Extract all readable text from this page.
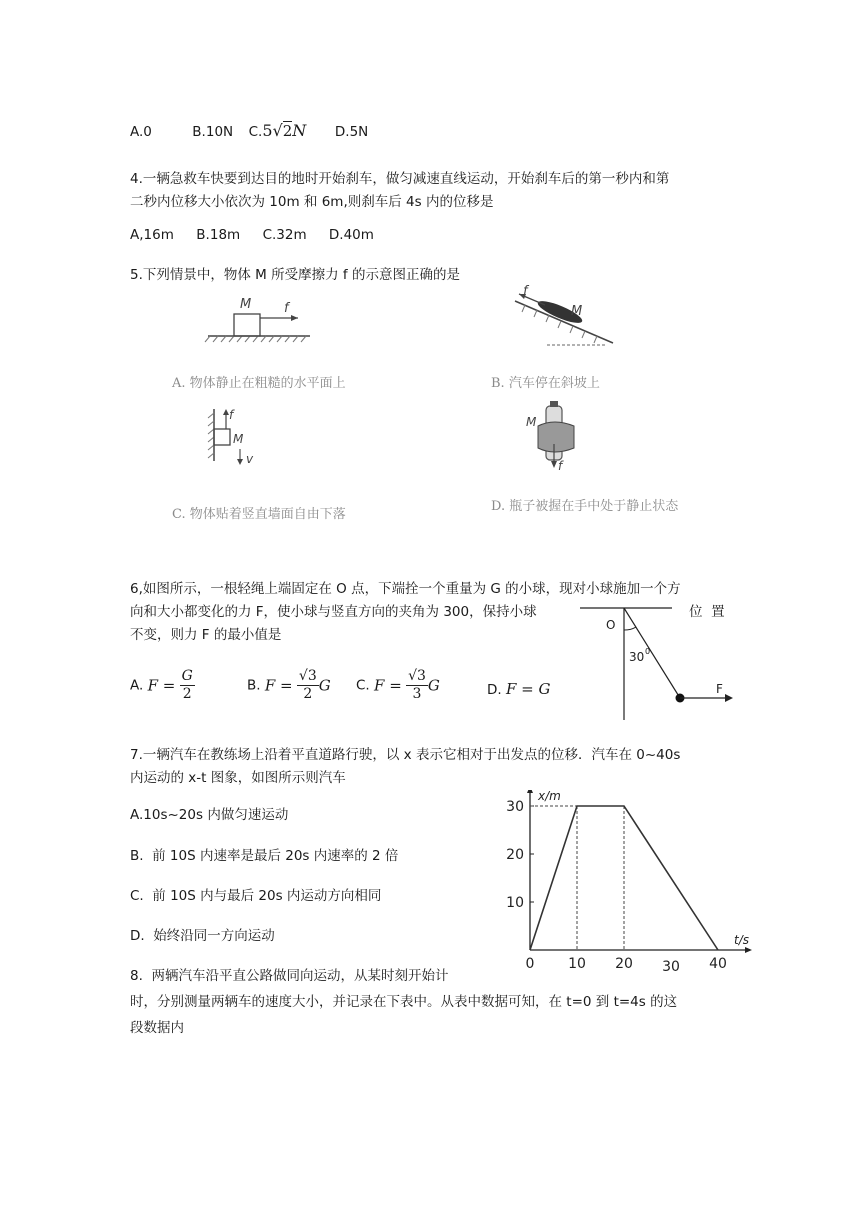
A.0	B.10N C.5√2N D.5N
4.一辆急救车快要到达目的地时开始刹车，做匀减速直线运动，开始刹车后的第一秒内和第
二秒内位移大小依次为 10m 和 6m,则刹车后 4s 内的位移是
A,16m B.18m C.32m D.40m
5.下列情景中，物体 M 所受摩擦力 f 的示意图正确的是
M	f
A. 物体静止在粗糙的水平面上
f
M
B. 汽车停在斜坡上
f
M
v
C. 物体贴着竖直墙面自由下落
M
f
D. 瓶子被握在手中处于静止状态
6,如图所示，一根轻绳上端固定在 O 点，下端拴一个重量为 G 的小球，现对小球施加一个方
向和大小都变化的力 F，使小球与竖直方向的夹角为 300，保持小球	位  置
不变，则力 F 的最小值是
O
30 0
F
A. $F = \frac{G}{2}$	B. $F = \frac{√3}{2}$ G C. $F = \frac{√3}{3}$ G	D. F = G
7.一辆汽车在教练场上沿着平直道路行驶，以 x 表示它相对于出发点的位移．汽车在 0~40s
内运动的 x-t 图象，如图所示则汽车
A.10s~20s 内做匀速运动
B.  前 10S 内速率是最后 20s 内速率的 2 倍
C.  前 10S 内与最后 20s 内运动方向相同
D.  始终沿同一方向运动
x/m
t/s
10
20
30
0 10 20 30 40
8.  两辆汽车沿平直公路做同向运动，从某时刻开始计
时，分别测量两辆车的速度大小，并记录在下表中。从表中数据可知，在 t=0 到 t=4s 的这
段数据内
